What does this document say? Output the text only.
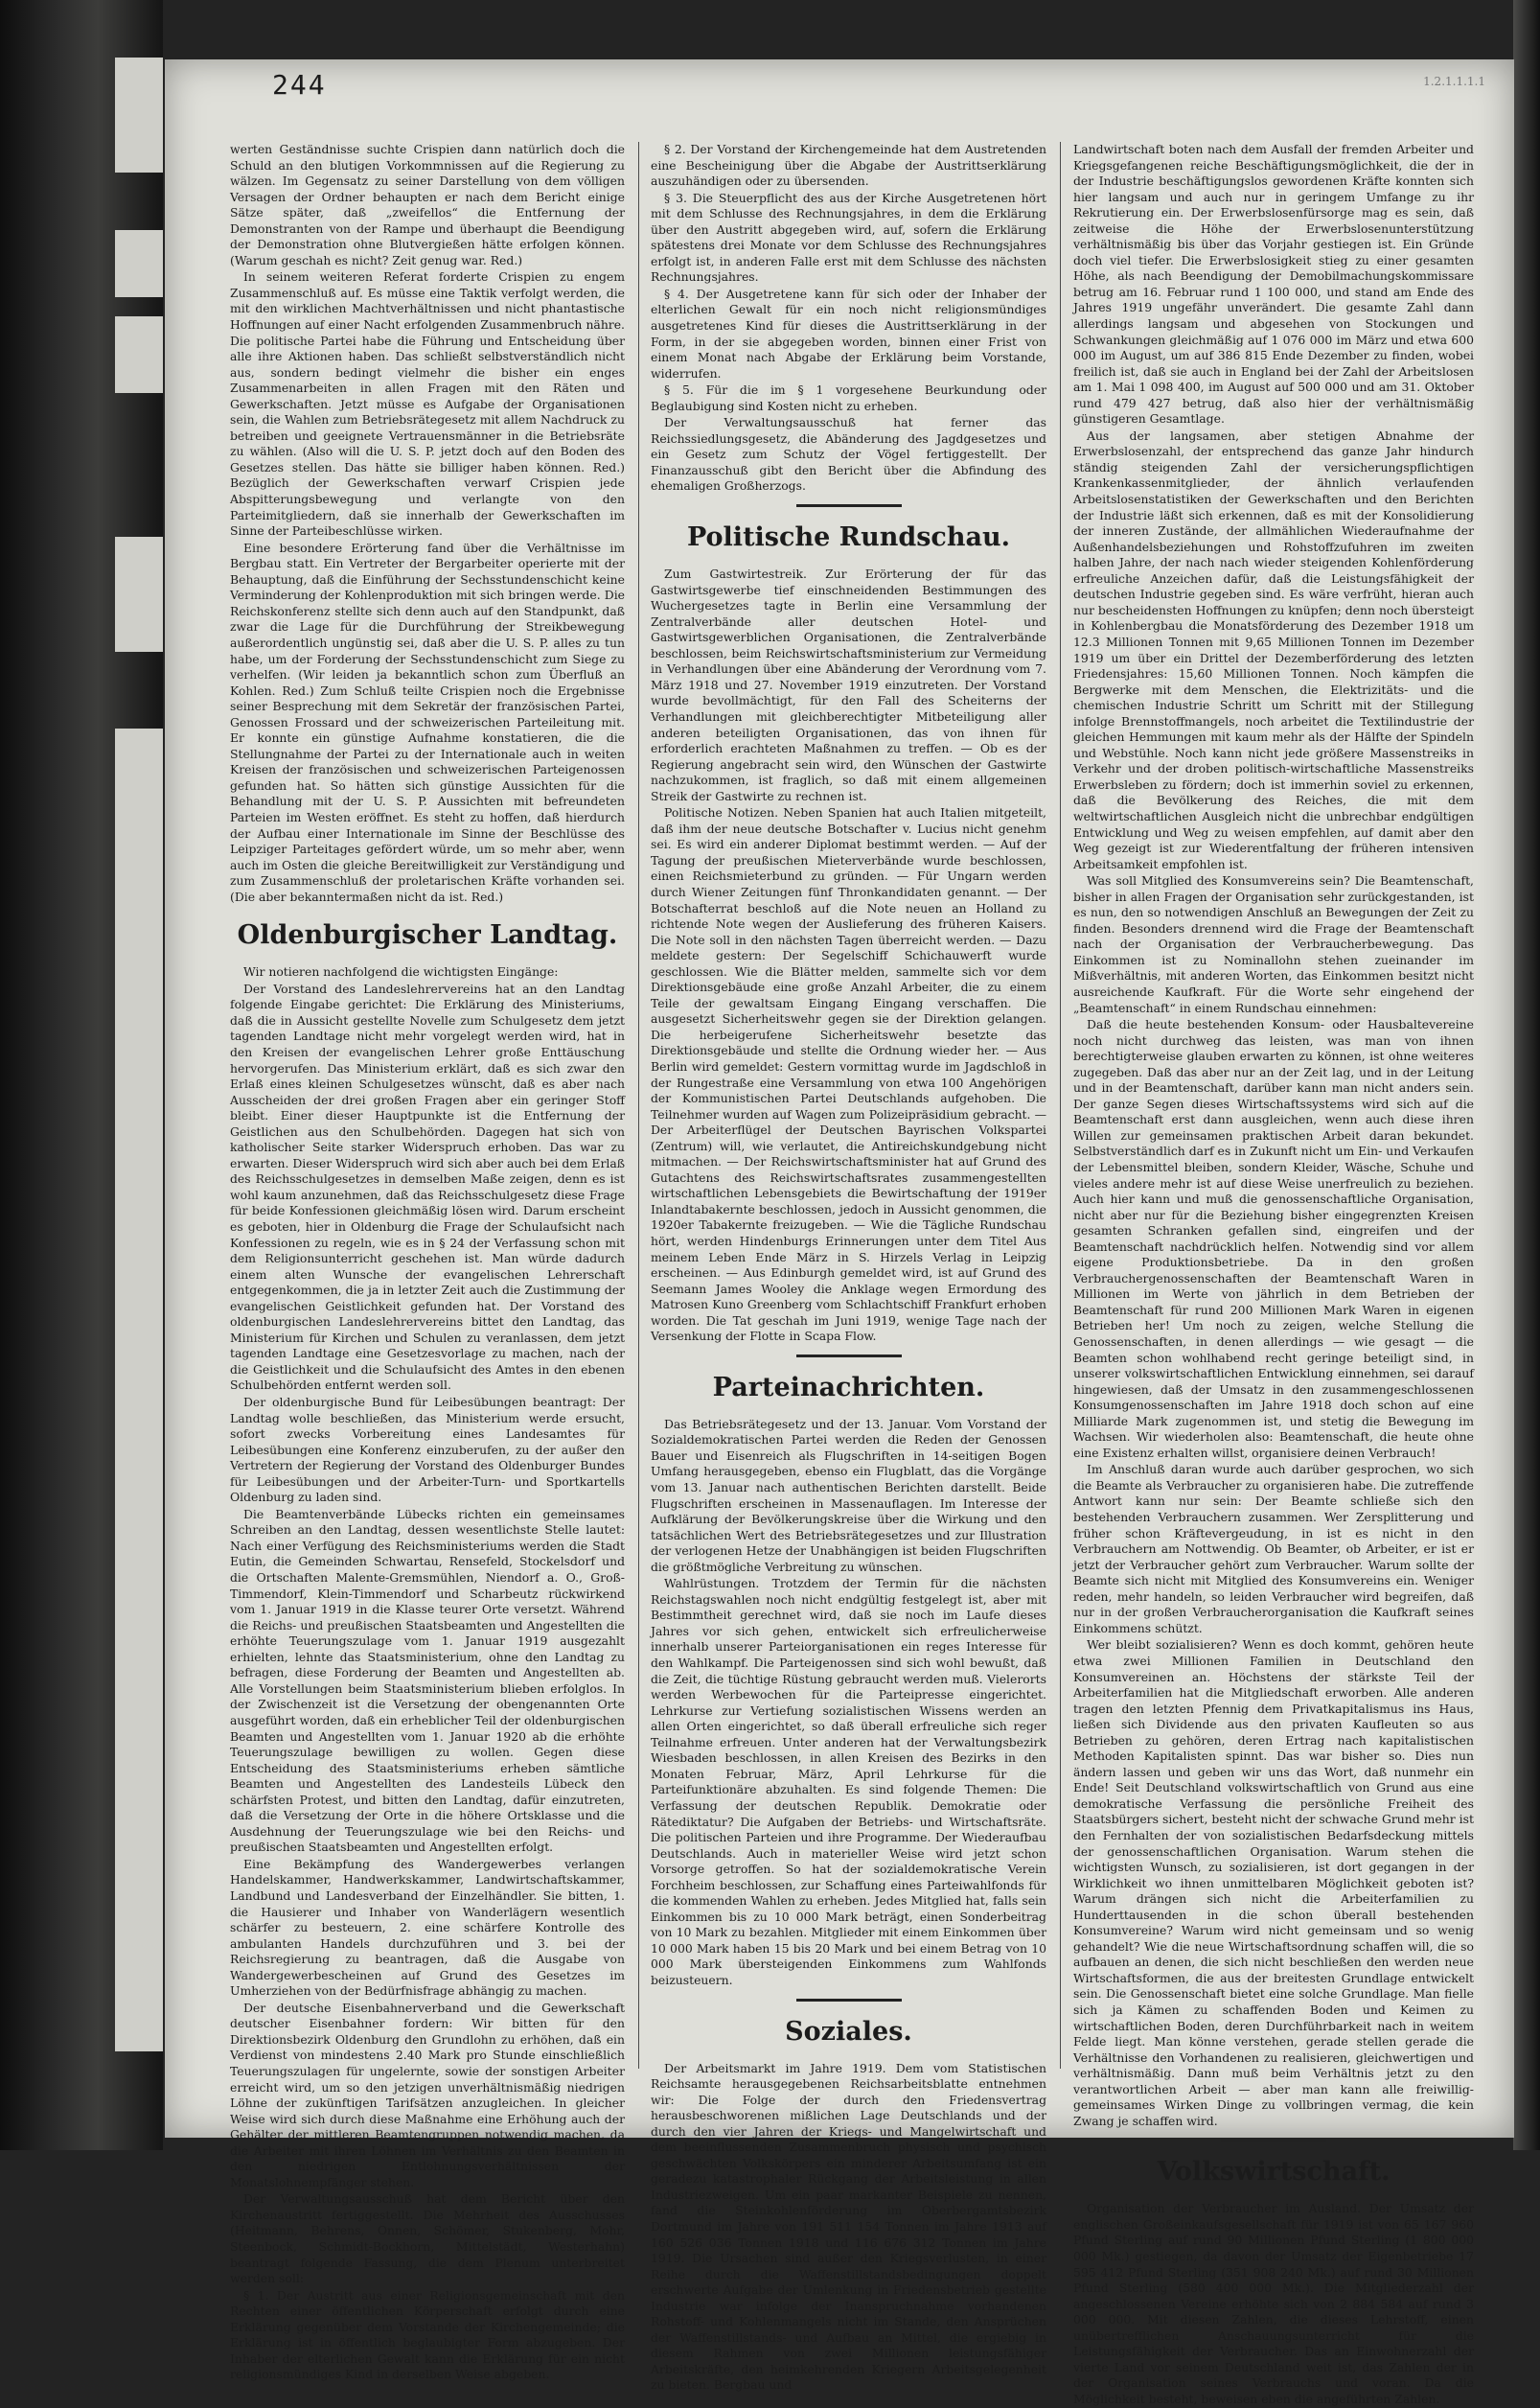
244	1.2.1.1.1.1

werten Geständnisse suchte Crispien dann natürlich doch die Schuld an den blutigen Vorkommnissen auf die Regierung zu wälzen. Im Gegensatz zu seiner Darstellung von dem völligen Versagen der Ordner behaupten er nach dem Bericht einige Sätze später, daß „zweifellos“ die Entfernung der Demonstranten von der Rampe und überhaupt die Beendigung der Demonstration ohne Blutvergießen hätte erfolgen können. (Warum geschah es nicht? Zeit genug war. Red.)

In seinem weiteren Referat forderte Crispien zu engem Zusammenschluß auf. Es müsse eine Taktik verfolgt werden, die mit den wirklichen Machtverhältnissen und nicht phantastische Hoffnungen auf einer Nacht erfolgenden Zusammenbruch nähre. Die politische Partei habe die Führung und Entscheidung über alle ihre Aktionen haben. Das schließt selbstverständlich nicht aus, sondern bedingt vielmehr die bisher ein enges Zusammenarbeiten in allen Fragen mit den Räten und Gewerkschaften. Jetzt müsse es Aufgabe der Organisationen sein, die Wahlen zum Betriebsrätegesetz mit allem Nachdruck zu betreiben und geeignete Vertrauensmänner in die Betriebsräte zu wählen. (Also will die U. S. P. jetzt doch auf den Boden des Gesetzes stellen. Das hätte sie billiger haben können. Red.) Bezüglich der Gewerkschaften verwarf Crispien jede Abspitterungsbewegung und verlangte von den Parteimitgliedern, daß sie innerhalb der Gewerkschaften im Sinne der Parteibeschlüsse wirken.

Eine besondere Erörterung fand über die Verhältnisse im Bergbau statt. Ein Vertreter der Bergarbeiter operierte mit der Behauptung, daß die Einführung der Sechsstundenschicht keine Verminderung der Kohlenproduktion mit sich bringen werde. Die Reichskonferenz stellte sich denn auch auf den Standpunkt, daß zwar die Lage für die Durchführung der Streikbewegung außerordentlich ungünstig sei, daß aber die U. S. P. alles zu tun habe, um der Forderung der Sechsstundenschicht zum Siege zu verhelfen. (Wir leiden ja bekanntlich schon zum Überfluß an Kohlen. Red.) Zum Schluß teilte Crispien noch die Ergebnisse seiner Besprechung mit dem Sekretär der französischen Partei, Genossen Frossard und der schweizerischen Parteileitung mit. Er konnte ein günstige Aufnahme konstatieren, die die Stellungnahme der Partei zu der Internationale auch in weiten Kreisen der französischen und schweizerischen Parteigenossen gefunden hat. So hätten sich günstige Aussichten für die Behandlung mit der U. S. P. Aussichten mit befreundeten Parteien im Westen eröffnet. Es steht zu hoffen, daß hierdurch der Aufbau einer Internationale im Sinne der Beschlüsse des Leipziger Parteitages gefördert würde, um so mehr aber, wenn auch im Osten die gleiche Bereitwilligkeit zur Verständigung und zum Zusammenschluß der proletarischen Kräfte vorhanden sei. (Die aber bekanntermaßen nicht da ist. Red.)

Oldenburgischer Landtag.

Wir notieren nachfolgend die wichtigsten Eingänge:

Der Vorstand des Landeslehrervereins hat an den Landtag folgende Eingabe gerichtet: Die Erklärung des Ministeriums, daß die in Aussicht gestellte Novelle zum Schulgesetz dem jetzt tagenden Landtage nicht mehr vorgelegt werden wird, hat in den Kreisen der evangelischen Lehrer große Enttäuschung hervorgerufen. Das Ministerium erklärt, daß es sich zwar den Erlaß eines kleinen Schulgesetzes wünscht, daß es aber nach Ausscheiden der drei großen Fragen aber ein geringer Stoff bleibt. Einer dieser Hauptpunkte ist die Entfernung der Geistlichen aus den Schulbehörden. Dagegen hat sich von katholischer Seite starker Widerspruch erhoben. Das war zu erwarten. Dieser Widerspruch wird sich aber auch bei dem Erlaß des Reichsschulgesetzes in demselben Maße zeigen, denn es ist wohl kaum anzunehmen, daß das Reichsschulgesetz diese Frage für beide Konfessionen gleichmäßig lösen wird. Darum erscheint es geboten, hier in Oldenburg die Frage der Schulaufsicht nach Konfessionen zu regeln, wie es in § 24 der Verfassung schon mit dem Religionsunterricht geschehen ist. Man würde dadurch einem alten Wunsche der evangelischen Lehrerschaft entgegenkommen, die ja in letzter Zeit auch die Zustimmung der evangelischen Geistlichkeit gefunden hat. Der Vorstand des oldenburgischen Landeslehrervereins bittet den Landtag, das Ministerium für Kirchen und Schulen zu veranlassen, dem jetzt tagenden Landtage eine Gesetzesvorlage zu machen, nach der die Geistlichkeit und die Schulaufsicht des Amtes in den ebenen Schulbehörden entfernt werden soll.

Der oldenburgische Bund für Leibesübungen beantragt: Der Landtag wolle beschließen, das Ministerium werde ersucht, sofort zwecks Vorbereitung eines Landesamtes für Leibesübungen eine Konferenz einzuberufen, zu der außer den Vertretern der Regierung der Vorstand des Oldenburger Bundes für Leibesübungen und der Arbeiter-Turn- und Sportkartells Oldenburg zu laden sind.

Die Beamtenverbände Lübecks richten ein gemeinsames Schreiben an den Landtag, dessen wesentlichste Stelle lautet: Nach einer Verfügung des Reichsministeriums werden die Stadt Eutin, die Gemeinden Schwartau, Rensefeld, Stockelsdorf und die Ortschaften Malente-Gremsmühlen, Niendorf a. O., Groß-Timmendorf, Klein-Timmendorf und Scharbeutz rückwirkend vom 1. Januar 1919 in die Klasse teurer Orte versetzt. Während die Reichs- und preußischen Staatsbeamten und Angestellten die erhöhte Teuerungszulage vom 1. Januar 1919 ausgezahlt erhielten, lehnte das Staatsministerium, ohne den Landtag zu befragen, diese Forderung der Beamten und Angestellten ab. Alle Vorstellungen beim Staatsministerium blieben erfolglos. In der Zwischenzeit ist die Versetzung der obengenannten Orte ausgeführt worden, daß ein erheblicher Teil der oldenburgischen Beamten und Angestellten vom 1. Januar 1920 ab die erhöhte Teuerungszulage bewilligen zu wollen. Gegen diese Entscheidung des Staatsministeriums erheben sämtliche Beamten und Angestellten des Landesteils Lübeck den schärfsten Protest, und bitten den Landtag, dafür einzutreten, daß die Versetzung der Orte in die höhere Ortsklasse und die Ausdehnung der Teuerungszulage wie bei den Reichs- und preußischen Staatsbeamten und Angestellten erfolgt.

Eine Bekämpfung des Wandergewerbes verlangen Handelskammer, Handwerkskammer, Landwirtschaftskammer, Landbund und Landesverband der Einzelhändler. Sie bitten, 1. die Hausierer und Inhaber von Wanderlägern wesentlich schärfer zu besteuern, 2. eine schärfere Kontrolle des ambulanten Handels durchzuführen und 3. bei der Reichsregierung zu beantragen, daß die Ausgabe von Wandergewerbescheinen auf Grund des Gesetzes im Umherziehen von der Bedürfnisfrage abhängig zu machen.

Der deutsche Eisenbahnerverband und die Gewerkschaft deutscher Eisenbahner fordern: Wir bitten für den Direktionsbezirk Oldenburg den Grundlohn zu erhöhen, daß ein Verdienst von mindestens 2.40 Mark pro Stunde einschließlich Teuerungszulagen für ungelernte, sowie der sonstigen Arbeiter erreicht wird, um so den jetzigen unverhältnismäßig niedrigen Löhne der zukünftigen Tarifsätzen anzugleichen. In gleicher Weise wird sich durch diese Maßnahme eine Erhöhung auch der Gehälter der mittleren Beamtengruppen notwendig machen, da die Arbeiter mit ihren Löhnen im Verhältnis zu den Beamten in den niedrigen Entlohnungsverhältnissen der Monatslohnempfänger stehen.

Der Verwaltungsausschuß hat dem Bericht über den Kirchenaustritt fertiggestellt. Die Mehrheit des Ausschusses (Heitmann, Behrens, Onnen, Schömer, Stukenberg, Mohr, Steenbock, Schmidt-Bockhorn, Mittelstädt, Westerhahn) beantragt folgende Fassung, die dem Plenum unterbreitet werden soll:

§ 1. Der Austritt aus einer Religionsgemeinschaft mit den Rechten einer öffentlichen Körperschaft erfolgt durch eine Erklärung gegenüber dem Vorstande der Kirchengemeinde; die Erklärung ist in öffentlich beglaubigter Form abzugeben. Der Inhaber der elterlichen Gewalt kann die Erklärung für ein nicht religionsmündiges Kind in derselben Weise abgeben.

§ 2. Der Vorstand der Kirchengemeinde hat dem Austretenden eine Bescheinigung über die Abgabe der Austrittserklärung auszuhändigen oder zu übersenden.

§ 3. Die Steuerpflicht des aus der Kirche Ausgetretenen hört mit dem Schlusse des Rechnungsjahres, in dem die Erklärung über den Austritt abgegeben wird, auf, sofern die Erklärung spätestens drei Monate vor dem Schlusse des Rechnungsjahres erfolgt ist, in anderen Falle erst mit dem Schlusse des nächsten Rechnungsjahres.

§ 4. Der Ausgetretene kann für sich oder der Inhaber der elterlichen Gewalt für ein noch nicht religionsmündiges ausgetretenes Kind für dieses die Austrittserklärung in der Form, in der sie abgegeben worden, binnen einer Frist von einem Monat nach Abgabe der Erklärung beim Vorstande, widerrufen.

§ 5. Für die im § 1 vorgesehene Beurkundung oder Beglaubigung sind Kosten nicht zu erheben.

Der Verwaltungsausschuß hat ferner das Reichssiedlungsgesetz, die Abänderung des Jagdgesetzes und ein Gesetz zum Schutz der Vögel fertiggestellt. Der Finanzausschuß gibt den Bericht über die Abfindung des ehemaligen Großherzogs.

Politische Rundschau.

Zum Gastwirtestreik. Zur Erörterung der für das Gastwirtsgewerbe tief einschneidenden Bestimmungen des Wuchergesetzes tagte in Berlin eine Versammlung der Zentralverbände aller deutschen Hotel- und Gastwirtsgewerblichen Organisationen, die Zentralverbände beschlossen, beim Reichswirtschaftsministerium zur Vermeidung in Verhandlungen über eine Abänderung der Verordnung vom 7. März 1918 und 27. November 1919 einzutreten. Der Vorstand wurde bevollmächtigt, für den Fall des Scheiterns der Verhandlungen mit gleichberechtigter Mitbeteiligung aller anderen beteiligten Organisationen, das von ihnen für erforderlich erachteten Maßnahmen zu treffen. — Ob es der Regierung angebracht sein wird, den Wünschen der Gastwirte nachzukommen, ist fraglich, so daß mit einem allgemeinen Streik der Gastwirte zu rechnen ist.

Politische Notizen. Neben Spanien hat auch Italien mitgeteilt, daß ihm der neue deutsche Botschafter v. Lucius nicht genehm sei. Es wird ein anderer Diplomat bestimmt werden. — Auf der Tagung der preußischen Mieterverbände wurde beschlossen, einen Reichsmieterbund zu gründen. — Für Ungarn werden durch Wiener Zeitungen fünf Thronkandidaten genannt. — Der Botschafterrat beschloß auf die Note neuen an Holland zu richtende Note wegen der Auslieferung des früheren Kaisers. Die Note soll in den nächsten Tagen überreicht werden. — Dazu meldete gestern: Der Segelschiff Schichauwerft wurde geschlossen. Wie die Blätter melden, sammelte sich vor dem Direktionsgebäude eine große Anzahl Arbeiter, die zu einem Teile der gewaltsam Eingang Eingang verschaffen. Die ausgesetzt Sicherheitswehr gegen sie der Direktion gelangen. Die herbeigerufene Sicherheitswehr besetzte das Direktionsgebäude und stellte die Ordnung wieder her. — Aus Berlin wird gemeldet: Gestern vormittag wurde im Jagdschloß in der Rungestraße eine Versammlung von etwa 100 Angehörigen der Kommunistischen Partei Deutschlands aufgehoben. Die Teilnehmer wurden auf Wagen zum Polizeipräsidium gebracht. — Der Arbeiterflügel der Deutschen Bayrischen Volkspartei (Zentrum) will, wie verlautet, die Antireichskundgebung nicht mitmachen. — Der Reichswirtschaftsminister hat auf Grund des Gutachtens des Reichswirtschaftsrates zusammengestellten wirtschaftlichen Lebensgebiets die Bewirtschaftung der 1919er Inlandtabakernte beschlossen, jedoch in Aussicht genommen, die 1920er Tabakernte freizugeben. — Wie die Tägliche Rundschau hört, werden Hindenburgs Erinnerungen unter dem Titel Aus meinem Leben Ende März in S. Hirzels Verlag in Leipzig erscheinen. — Aus Edinburgh gemeldet wird, ist auf Grund des Seemann James Wooley die Anklage wegen Ermordung des Matrosen Kuno Greenberg vom Schlachtschiff Frankfurt erhoben worden. Die Tat geschah im Juni 1919, wenige Tage nach der Versenkung der Flotte in Scapa Flow.

Parteinachrichten.

Das Betriebsrätegesetz und der 13. Januar. Vom Vorstand der Sozialdemokratischen Partei werden die Reden der Genossen Bauer und Eisenreich als Flugschriften in 14-seitigen Bogen Umfang herausgegeben, ebenso ein Flugblatt, das die Vorgänge vom 13. Januar nach authentischen Berichten darstellt. Beide Flugschriften erscheinen in Massenauflagen. Im Interesse der Aufklärung der Bevölkerungskreise über die Wirkung und den tatsächlichen Wert des Betriebsrätegesetzes und zur Illustration der verlogenen Hetze der Unabhängigen ist beiden Flugschriften die größtmögliche Verbreitung zu wünschen.

Wahlrüstungen. Trotzdem der Termin für die nächsten Reichstagswahlen noch nicht endgültig festgelegt ist, aber mit Bestimmtheit gerechnet wird, daß sie noch im Laufe dieses Jahres vor sich gehen, entwickelt sich erfreulicherweise innerhalb unserer Parteiorganisationen ein reges Interesse für den Wahlkampf. Die Parteigenossen sind sich wohl bewußt, daß die Zeit, die tüchtige Rüstung gebraucht werden muß. Vielerorts werden Werbewochen für die Parteipresse eingerichtet. Lehrkurse zur Vertiefung sozialistischen Wissens werden an allen Orten eingerichtet, so daß überall erfreuliche sich reger Teilnahme erfreuen. Unter anderen hat der Verwaltungsbezirk Wiesbaden beschlossen, in allen Kreisen des Bezirks in den Monaten Februar, März, April Lehrkurse für die Parteifunktionäre abzuhalten. Es sind folgende Themen: Die Verfassung der deutschen Republik. Demokratie oder Rätediktatur? Die Aufgaben der Betriebs- und Wirtschaftsräte. Die politischen Parteien und ihre Programme. Der Wiederaufbau Deutschlands. Auch in materieller Weise wird jetzt schon Vorsorge getroffen. So hat der sozialdemokratische Verein Forchheim beschlossen, zur Schaffung eines Parteiwahlfonds für die kommenden Wahlen zu erheben. Jedes Mitglied hat, falls sein Einkommen bis zu 10 000 Mark beträgt, einen Sonderbeitrag von 10 Mark zu bezahlen. Mitglieder mit einem Einkommen über 10 000 Mark haben 15 bis 20 Mark und bei einem Betrag von 10 000 Mark übersteigenden Einkommens zum Wahlfonds beizusteuern.

Soziales.

Der Arbeitsmarkt im Jahre 1919. Dem vom Statistischen Reichsamte herausgegebenen Reichsarbeitsblatte entnehmen wir: Die Folge der durch den Friedensvertrag herausbeschworenen mißlichen Lage Deutschlands und der durch den vier Jahren der Kriegs- und Mangelwirtschaft und dem beeinflussenden Zusammenbruch physisch und psychisch geschwächten Volkskörpers ein minderer Arbeitsumfang ist ein geradezu katastrophaler Rückgang der Arbeitsleistung in allen Industriezweigen. Um ein paar markanter Beispiele zu nennen, fand die Steinkohlenförderung im Oberbergamtsbezirk Dortmund im Jahre von 191 511 154 Tonnen im Jahre 1913 auf 160 526 036 Tonnen 1918 und 116 676 312 Tonnen im Jahre 1919. Die Ursachen sind außer den Kriegsverlusten, in einer Reihe durch die Waffenstillstandsbedingungen doppelt erschwerte Aufgabe der Umlenkung in Friedensbetrieb gestellte Industrie war infolge der Inanspruchnahme vorhandenen Rohstoff- und Kohlenmangels nicht im Stande, den Ansprüchen der Waffenstillstands- und Aufbau an Mittel, die ergiebig in diesem Rahmen von zwei Millionen leistungsfähiger Arbeitskräfte, den heimkehrenden Kriegern Arbeitsgelegenheit zu bieten. Bergbau und

Landwirtschaft boten nach dem Ausfall der fremden Arbeiter und Kriegsgefangenen reiche Beschäftigungsmöglichkeit, die der in der Industrie beschäftigungslos gewordenen Kräfte konnten sich hier langsam und auch nur in geringem Umfange zu ihr Rekrutierung ein. Der Erwerbslosenfürsorge mag es sein, daß zeitweise die Höhe der Erwerbslosenunterstützung verhältnismäßig bis über das Vorjahr gestiegen ist. Ein Gründe doch viel tiefer. Die Erwerbslosigkeit stieg zu einer gesamten Höhe, als nach Beendigung der Demobilmachungskommissare betrug am 16. Februar rund 1 100 000, und stand am Ende des Jahres 1919 ungefähr unverändert. Die gesamte Zahl dann allerdings langsam und abgesehen von Stockungen und Schwankungen gleichmäßig auf 1 076 000 im März und etwa 600 000 im August, um auf 386 815 Ende Dezember zu finden, wobei freilich ist, daß sie auch in England bei der Zahl der Arbeitslosen am 1. Mai 1 098 400, im August auf 500 000 und am 31. Oktober rund 479 427 betrug, daß also hier der verhältnismäßig günstigeren Gesamtlage.

Aus der langsamen, aber stetigen Abnahme der Erwerbslosenzahl, der entsprechend das ganze Jahr hindurch ständig steigenden Zahl der versicherungspflichtigen Krankenkassenmitglieder, der ähnlich verlaufenden Arbeitslosenstatistiken der Gewerkschaften und den Berichten der Industrie läßt sich erkennen, daß es mit der Konsolidierung der inneren Zustände, der allmählichen Wiederaufnahme der Außenhandelsbeziehungen und Rohstoffzufuhren im zweiten halben Jahre, der nach nach wieder steigenden Kohlenförderung erfreuliche Anzeichen dafür, daß die Leistungsfähigkeit der deutschen Industrie gegeben sind. Es wäre verfrüht, hieran auch nur bescheidensten Hoffnungen zu knüpfen; denn noch übersteigt in Kohlenbergbau die Monatsförderung des Dezember 1918 um 12.3 Millionen Tonnen mit 9,65 Millionen Tonnen im Dezember 1919 um über ein Drittel der Dezemberförderung des letzten Friedensjahres: 15,60 Millionen Tonnen. Noch kämpfen die Bergwerke mit dem Menschen, die Elektrizitäts- und die chemischen Industrie Schritt um Schritt mit der Stillegung infolge Brennstoffmangels, noch arbeitet die Textilindustrie der gleichen Hemmungen mit kaum mehr als der Hälfte der Spindeln und Webstühle. Noch kann nicht jede größere Massenstreiks in Verkehr und der droben politisch-wirtschaftliche Massenstreiks Erwerbsleben zu fördern; doch ist immerhin soviel zu erkennen, daß die Bevölkerung des Reiches, die mit dem weltwirtschaftlichen Ausgleich nicht die unbrechbar endgültigen Entwicklung und Weg zu weisen empfehlen, auf damit aber den Weg gezeigt ist zur Wiederentfaltung der früheren intensiven Arbeitsamkeit empfohlen ist.

Was soll Mitglied des Konsumvereins sein? Die Beamtenschaft, bisher in allen Fragen der Organisation sehr zurückgestanden, ist es nun, den so notwendigen Anschluß an Bewegungen der Zeit zu finden. Besonders drennend wird die Frage der Beamtenschaft nach der Organisation der Verbraucherbewegung. Das Einkommen ist zu Nominallohn stehen zueinander im Mißverhältnis, mit anderen Worten, das Einkommen besitzt nicht ausreichende Kaufkraft. Für die Worte sehr eingehend der „Beamtenschaft“ in einem Rundschau einnehmen:

Daß die heute bestehenden Konsum- oder Hausbaltevereine noch nicht durchweg das leisten, was man von ihnen berechtigterweise glauben erwarten zu können, ist ohne weiteres zugegeben. Daß das aber nur an der Zeit lag, und in der Leitung und in der Beamtenschaft, darüber kann man nicht anders sein. Der ganze Segen dieses Wirtschaftssystems wird sich auf die Beamtenschaft erst dann ausgleichen, wenn auch diese ihren Willen zur gemeinsamen praktischen Arbeit daran bekundet. Selbstverständlich darf es in Zukunft nicht um Ein- und Verkaufen der Lebensmittel bleiben, sondern Kleider, Wäsche, Schuhe und vieles andere mehr ist auf diese Weise unerfreulich zu beziehen. Auch hier kann und muß die genossenschaftliche Organisation, nicht aber nur für die Beziehung bisher eingegrenzten Kreisen gesamten Schranken gefallen sind, eingreifen und der Beamtenschaft nachdrücklich helfen. Notwendig sind vor allem eigene Produktionsbetriebe. Da in den großen Verbrauchergenossenschaften der Beamtenschaft Waren in Millionen im Werte von jährlich in dem Betrieben der Beamtenschaft für rund 200 Millionen Mark Waren in eigenen Betrieben her! Um noch zu zeigen, welche Stellung die Genossenschaften, in denen allerdings — wie gesagt — die Beamten schon wohlhabend recht geringe beteiligt sind, in unserer volkswirtschaftlichen Entwicklung einnehmen, sei darauf hingewiesen, daß der Umsatz in den zusammengeschlossenen Konsumgenossenschaften im Jahre 1918 doch schon auf eine Milliarde Mark zugenommen ist, und stetig die Bewegung im Wachsen. Wir wiederholen also: Beamtenschaft, die heute ohne eine Existenz erhalten willst, organisiere deinen Verbrauch!

Im Anschluß daran wurde auch darüber gesprochen, wo sich die Beamte als Verbraucher zu organisieren habe. Die zutreffende Antwort kann nur sein: Der Beamte schließe sich den bestehenden Verbrauchern zusammen. Wer Zersplitterung und früher schon Kräftevergeudung, in ist es nicht in den Verbrauchern am Nottwendig. Ob Beamter, ob Arbeiter, er ist er jetzt der Verbraucher gehört zum Verbraucher. Warum sollte der Beamte sich nicht mit Mitglied des Konsumvereins ein. Weniger reden, mehr handeln, so leiden Verbraucher wird begreifen, daß nur in der großen Verbraucherorganisation die Kaufkraft seines Einkommens schützt.

Wer bleibt sozialisieren? Wenn es doch kommt, gehören heute etwa zwei Millionen Familien in Deutschland den Konsumvereinen an. Höchstens der stärkste Teil der Arbeiterfamilien hat die Mitgliedschaft erworben. Alle anderen tragen den letzten Pfennig dem Privatkapitalismus ins Haus, ließen sich Dividende aus den privaten Kaufleuten so aus Betrieben zu gehören, deren Ertrag nach kapitalistischen Methoden Kapitalisten spinnt. Das war bisher so. Dies nun ändern lassen und geben wir uns das Wort, daß nunmehr ein Ende! Seit Deutschland volkswirtschaftlich von Grund aus eine demokratische Verfassung die persönliche Freiheit des Staatsbürgers sichert, besteht nicht der schwache Grund mehr ist den Fernhalten der von sozialistischen Bedarfsdeckung mittels der genossenschaftlichen Organisation. Warum stehen die wichtigsten Wunsch, zu sozialisieren, ist dort gegangen in der Wirklichkeit wo ihnen unmittelbaren Möglichkeit geboten ist? Warum drängen sich nicht die Arbeiterfamilien zu Hunderttausenden in die schon überall bestehenden Konsumvereine? Warum wird nicht gemeinsam und so wenig gehandelt? Wie die neue Wirtschaftsordnung schaffen will, die so aufbauen an denen, die sich nicht beschließen den werden neue Wirtschaftsformen, die aus der breitesten Grundlage entwickelt sein. Die Genossenschaft bietet eine solche Grundlage. Man fielle sich ja Kämen zu schaffenden Boden und Keimen zu wirtschaftlichen Boden, deren Durchführbarkeit nach in weitem Felde liegt. Man könne verstehen, gerade stellen gerade die Verhältnisse den Vorhandenen zu realisieren, gleichwertigen und verhältnismäßig. Dann muß beim Verhältnis jetzt zu den verantwortlichen Arbeit — aber man kann alle freiwillig-gemeinsames Wirken Dinge zu vollbringen vermag, die kein Zwang je schaffen wird.

Volkswirtschaft.

Organisation der Verbraucher im Ausland. Der Umsatz der englischen Großeinkaufsgesellschaft für 1919 ist von 65 167 960 Pfund Sterling auf rund 90 Millionen Pfund Sterling (1 800 000 000 Mk.) gestiegen, da davon der Umsatz der Eigenbetriebe 17 595 412 Pfund Sterling (351 908 240 Mk.) auf rund 30 Millionen Pfund Sterling (580 400 000 Mk.). Die Mitgliederzahl der angeschlossenen Vereine erhöhte sich von 2 884 584 auf rund 3 000 000. Mit diesen Zahlen, die dieses Lehrstoff, einen unübertrefflichen Anschauungsunterricht für die Leistungsfähigkeit der Verbraucher. Das an Einwohnerzahl der vierte Land vor seinem Deutschland weit ist, das Zahlen der in der Organisation seines Verbrauchs und voran. Da die Möglichkeit besteht, beweisen eben die angeführten Zahlen.
